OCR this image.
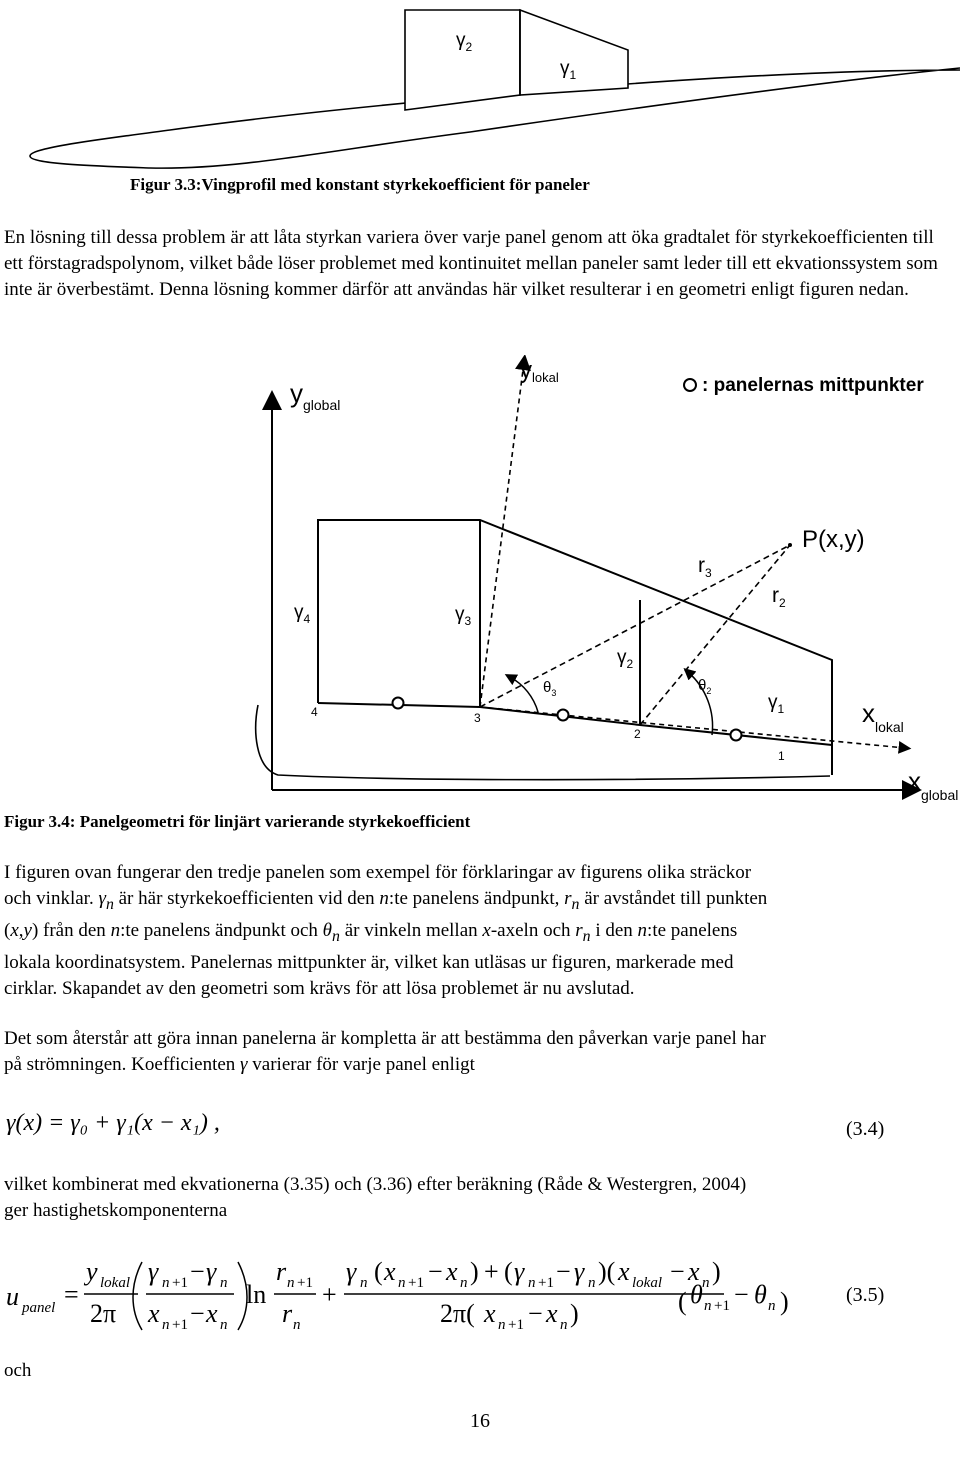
$\gamma_2$
$\gamma_1$
Figur 3.3:Vingprofil med konstant styrkekoefficient för paneler

En lösning till dessa problem är att låta styrkan variera över varje panel genom att öka gradtalet för styrkekoefficienten till ett förstagradspolynom, vilket både löser problemet med kontinuitet mellan paneler samt leder till ett ekvationssystem som inte är överbestämt. Denna lösning kommer därför att användas här vilket resulterar i en geometri enligt figuren nedan.

$y_{global}$
$x_{global}$
ylokal
$x_{lokal}$
P(x,y)
$r_3$
$r_2$
$\theta_3$	$\theta_2$
$\gamma_4$	$\gamma_3$
$\gamma_2$
$\gamma_1$
4	3
2
1
: panelernas mittpunkter
Figur 3.4: Panelgeometri för linjärt varierande styrkekoefficient
I figuren ovan fungerar den tredje panelen som exempel för förklaringar av figurens olika sträckor
och vinklar. $\gamma_n$ är här styrkekoefficienten vid den n:te panelens ändpunkt, $r_n$ är avståndet till punkten
(x,y) från den n:te panelens ändpunkt och $\theta_n$ är vinkeln mellan x-axeln och $r_n$ i den n:te panelens
lokala koordinatsystem. Panelernas mittpunkter är, vilket kan utläsas ur figuren, markerade med
cirklar. Skapandet av den geometri som krävs för att lösa problemet är nu avslutad.
Det som återstår att göra innan panelerna är kompletta är att bestämma den påverkan varje panel har
på strömningen. Koefficienten γ varierar för varje panel enligt
γ(x) = γ₀ + γ₁(x − x₁) ,	(3.4)
vilket kombinerat med ekvationerna (3.35) och (3.36) efter beräkning (Råde & Westergren, 2004)
ger hastighetskomponenterna
u panel =
y lokal
2π
γ n +1 − γ n
x n +1 − x n
ln
r n +1
r n
+
γ n ( x n +1 − x n ) + ( γ n +1 − γ n )( x lokal − x n )
2π( x n +1 − x n )	( θ n +1 − θ n )	(3.5)
och
16
